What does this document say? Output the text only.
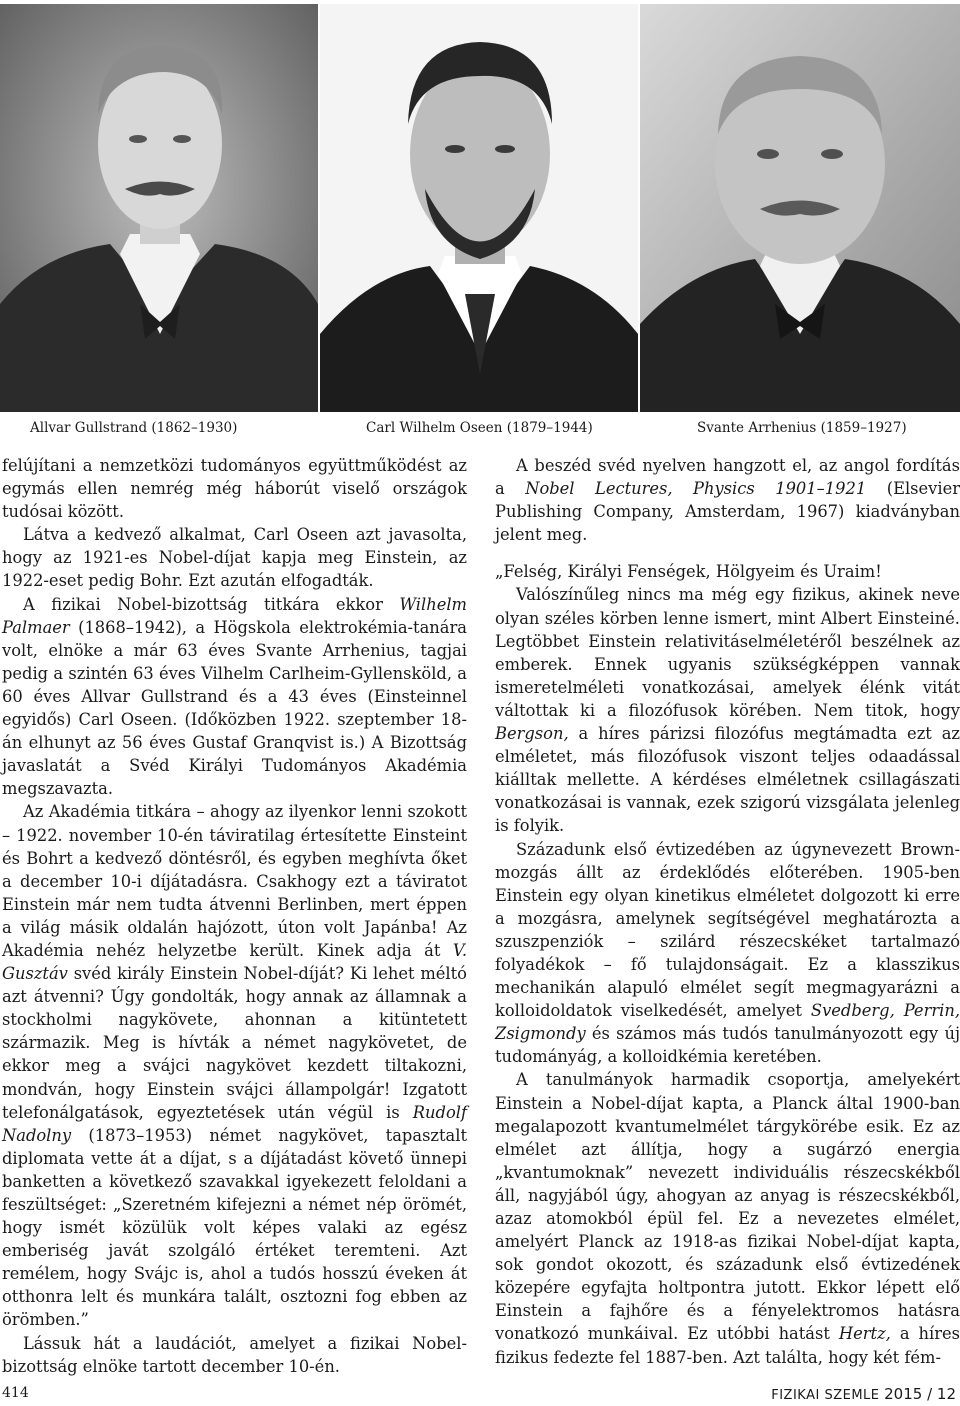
Allvar Gullstrand (1862–1930)	Carl Wilhelm Oseen (1879–1944)	Svante Arrhenius (1859–1927)

felújítani a nemzetközi tudományos együttműködést az egymás ellen nemrég még háborút viselő országok tudósai között.

Látva a kedvező alkalmat, Carl Oseen azt javasolta, hogy az 1921-es Nobel-díjat kapja meg Einstein, az 1922-eset pedig Bohr. Ezt azután elfogadták.

A fizikai Nobel-bizottság titkára ekkor Wilhelm Palmaer (1868–1942), a Högskola elektrokémia-tanára volt, elnöke a már 63 éves Svante Arrhenius, tagjai pedig a szintén 63 éves Vilhelm Carlheim-Gyllensköld, a 60 éves Allvar Gullstrand és a 43 éves (Einsteinnel egyidős) Carl Oseen. (Időközben 1922. szeptember 18-án elhunyt az 56 éves Gustaf Granqvist is.) A Bizottság javaslatát a Svéd Királyi Tudományos Akadémia megszavazta.

Az Akadémia titkára – ahogy az ilyenkor lenni szokott – 1922. november 10-én táviratilag értesítette Einsteint és Bohrt a kedvező döntésről, és egyben meghívta őket a december 10-i díjátadásra. Csakhogy ezt a táviratot Einstein már nem tudta átvenni Berlinben, mert éppen a világ másik oldalán hajózott, úton volt Japánba! Az Akadémia nehéz helyzetbe került. Kinek adja át V. Gusztáv svéd király Einstein Nobel-díját? Ki lehet méltó azt átvenni? Úgy gondolták, hogy annak az államnak a stockholmi nagykövete, ahonnan a kitüntetett származik. Meg is hívták a német nagykövetet, de ekkor meg a svájci nagykövet kezdett tiltakozni, mondván, hogy Einstein svájci állampolgár! Izgatott telefonálgatások, egyeztetések után végül is Rudolf Nadolny (1873–1953) német nagykövet, tapasztalt diplomata vette át a díjat, s a díjátadást követő ünnepi banketten a következő szavakkal igyekezett feloldani a feszültséget: „Szeretném kifejezni a német nép örömét, hogy ismét közülük volt képes valaki az egész emberiség javát szolgáló értéket teremteni. Azt remélem, hogy Svájc is, ahol a tudós hosszú éveken át otthonra lelt és munkára talált, osztozni fog ebben az örömben.”

Lássuk hát a laudációt, amelyet a fizikai Nobel-bizottság elnöke tartott december 10-én.

A beszéd svéd nyelven hangzott el, az angol fordítás a Nobel Lectures, Physics 1901–1921 (Elsevier Publishing Company, Amsterdam, 1967) kiadványban jelent meg.

„Felség, Királyi Fenségek, Hölgyeim és Uraim!

Valószínűleg nincs ma még egy fizikus, akinek neve olyan széles körben lenne ismert, mint Albert Einsteiné. Legtöbbet Einstein relativitáselméletéről beszélnek az emberek. Ennek ugyanis szükségképpen vannak ismeretelméleti vonatkozásai, amelyek élénk vitát váltottak ki a filozófusok körében. Nem titok, hogy Bergson, a híres párizsi filozófus megtámadta ezt az elméletet, más filozófusok viszont teljes odaadással kiálltak mellette. A kérdéses elméletnek csillagászati vonatkozásai is vannak, ezek szigorú vizsgálata jelenleg is folyik.

Századunk első évtizedében az úgynevezett Brown-mozgás állt az érdeklődés előterében. 1905-ben Einstein egy olyan kinetikus elméletet dolgozott ki erre a mozgásra, amelynek segítségével meghatározta a szuszpenziók – szilárd részecskéket tartalmazó folyadékok – fő tulajdonságait. Ez a klasszikus mechanikán alapuló elmélet segít megmagyarázni a kolloidoldatok viselkedését, amelyet Svedberg, Perrin, Zsigmondy és számos más tudós tanulmányozott egy új tudományág, a kolloidkémia keretében.

A tanulmányok harmadik csoportja, amelyekért Einstein a Nobel-díjat kapta, a Planck által 1900-ban megalapozott kvantumelmélet tárgykörébe esik. Ez az elmélet azt állítja, hogy a sugárzó energia „kvantumoknak” nevezett individuális részecskékből áll, nagyjából úgy, ahogyan az anyag is részecskékből, azaz atomokból épül fel. Ez a nevezetes elmélet, amelyért Planck az 1918-as fizikai Nobel-díjat kapta, sok gondot okozott, és századunk első évtizedének közepére egyfajta holtpontra jutott. Ekkor lépett elő Einstein a fajhőre és a fényelektromos hatásra vonatkozó munkáival. Ez utóbbi hatást Hertz, a híres fizikus fedezte fel 1887-ben. Azt találta, hogy két fém-

414	FIZIKAI SZEMLE 2015 / 12
